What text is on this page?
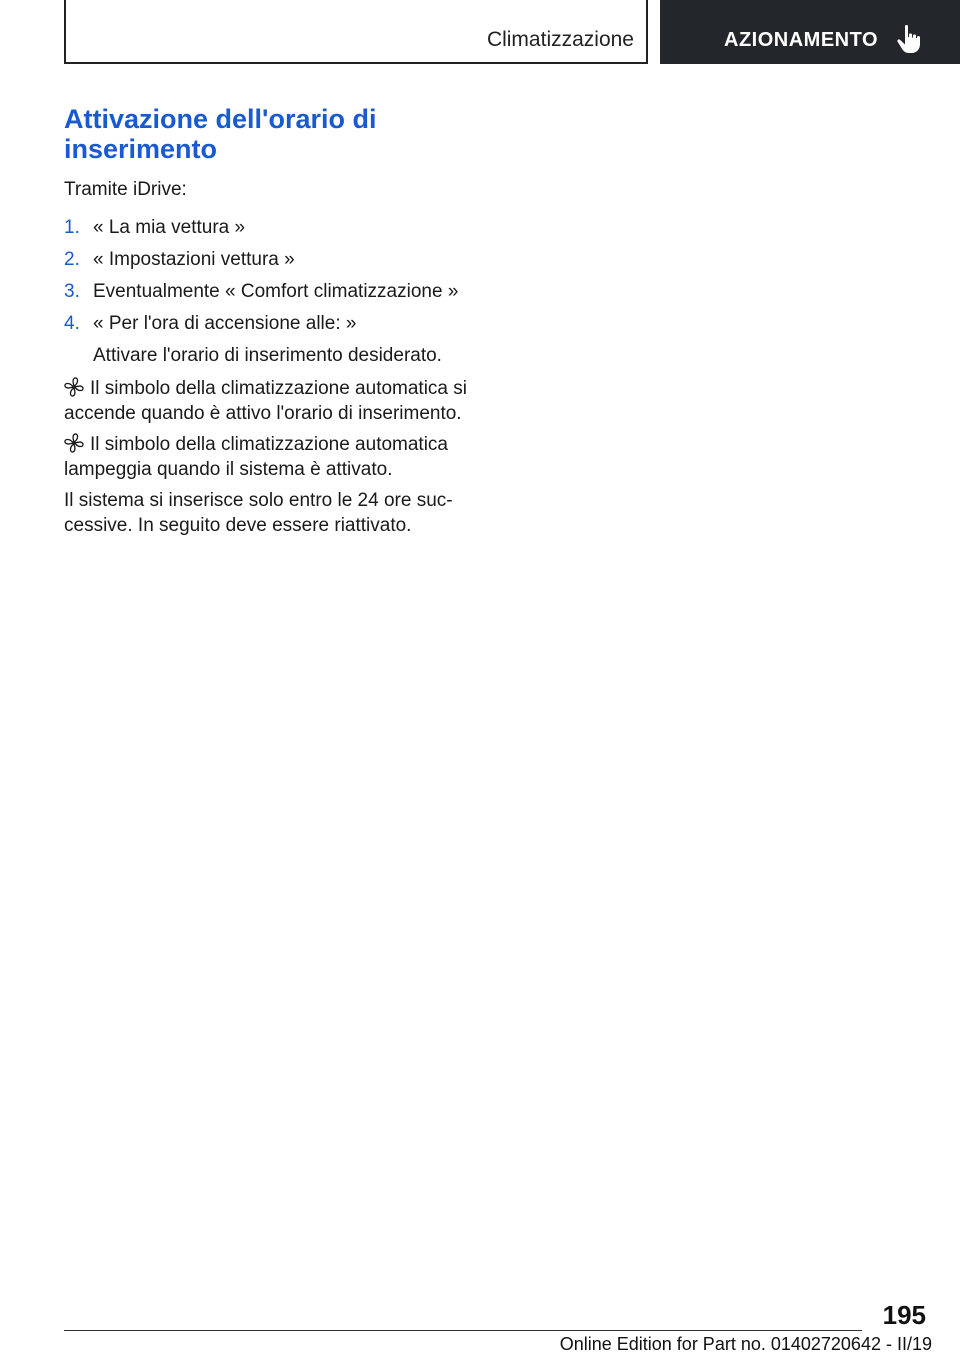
Climatizzazione	AZIONAMENTO
Attivazione dell'orario di inserimento

Tramite iDrive:

1. « La mia vettura »
2. « Impostazioni vettura »
3. Eventualmente « Comfort climatizzazione »
4. « Per l'ora di accensione alle: »
Attivare l'orario di inserimento desiderato.

Il simbolo della climatizzazione automatica si accende quando è attivo l'orario di inserimento.

Il simbolo della climatizzazione automatica lampeggia quando il sistema è attivato.

Il sistema si inserisce solo entro le 24 ore suc-cessive. In seguito deve essere riattivato.

195
Online Edition for Part no. 01402720642 - II/19
